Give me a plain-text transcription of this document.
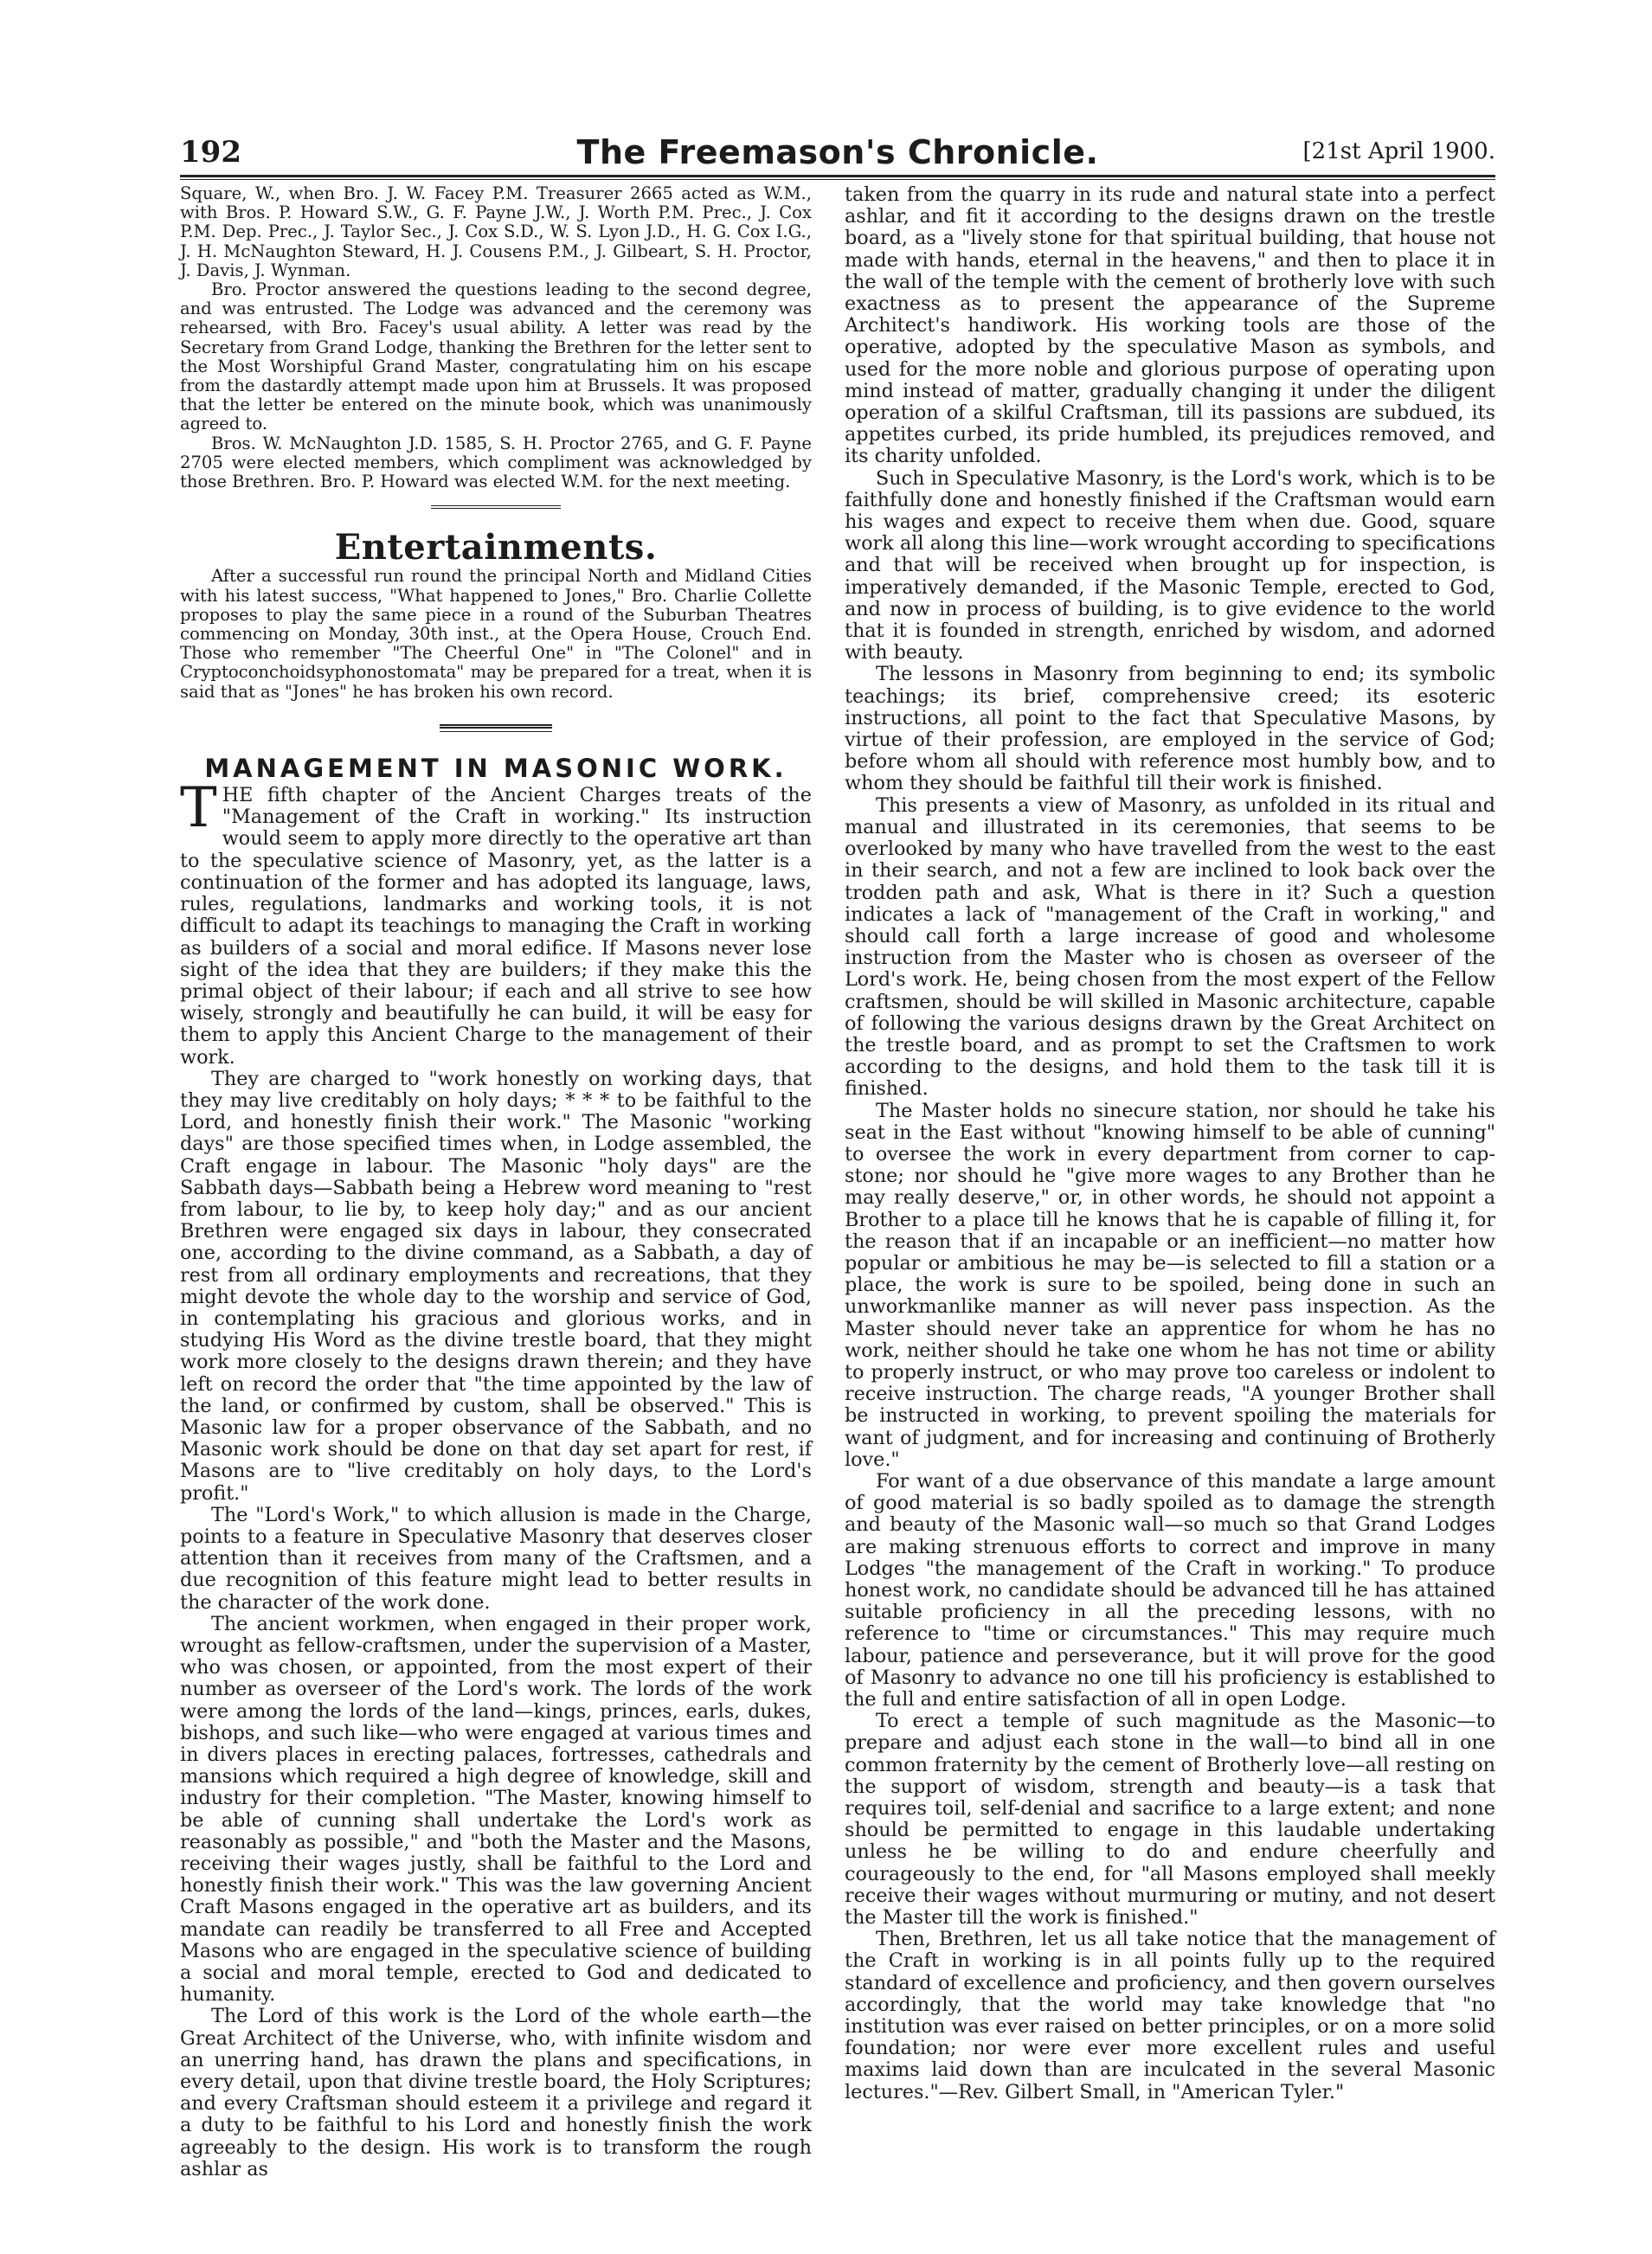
192	The Freemason's Chronicle.	[21st April 1900.

Square, W., when Bro. J. W. Facey P.M. Treasurer 2665 acted as W.M., with Bros. P. Howard S.W., G. F. Payne J.W., J. Worth P.M. Prec., J. Cox P.M. Dep. Prec., J. Taylor Sec., J. Cox S.D., W. S. Lyon J.D., H. G. Cox I.G., J. H. McNaughton Steward, H. J. Cousens P.M., J. Gilbeart, S. H. Proctor, J. Davis, J. Wynman.

Bro. Proctor answered the questions leading to the second degree, and was entrusted. The Lodge was advanced and the ceremony was rehearsed, with Bro. Facey's usual ability. A letter was read by the Secretary from Grand Lodge, thanking the Brethren for the letter sent to the Most Worshipful Grand Master, congratulating him on his escape from the dastardly attempt made upon him at Brussels. It was proposed that the letter be entered on the minute book, which was unanimously agreed to.

Bros. W. McNaughton J.D. 1585, S. H. Proctor 2765, and G. F. Payne 2705 were elected members, which compliment was acknowledged by those Brethren. Bro. P. Howard was elected W.M. for the next meeting.

Entertainments.

After a successful run round the principal North and Midland Cities with his latest success, "What happened to Jones," Bro. Charlie Collette proposes to play the same piece in a round of the Suburban Theatres commencing on Monday, 30th inst., at the Opera House, Crouch End. Those who remember "The Cheerful One" in "The Colonel" and in Cryptoconchoidsyphonostomata" may be prepared for a treat, when it is said that as "Jones" he has broken his own record.

MANAGEMENT IN MASONIC WORK.

THE fifth chapter of the Ancient Charges treats of the "Management of the Craft in working." Its instruction would seem to apply more directly to the operative art than to the speculative science of Masonry, yet, as the latter is a continuation of the former and has adopted its language, laws, rules, regulations, landmarks and working tools, it is not difficult to adapt its teachings to managing the Craft in working as builders of a social and moral edifice. If Masons never lose sight of the idea that they are builders; if they make this the primal object of their labour; if each and all strive to see how wisely, strongly and beautifully he can build, it will be easy for them to apply this Ancient Charge to the management of their work.

They are charged to "work honestly on working days, that they may live creditably on holy days; * * * to be faithful to the Lord, and honestly finish their work." The Masonic "working days" are those specified times when, in Lodge assembled, the Craft engage in labour. The Masonic "holy days" are the Sabbath days—Sabbath being a Hebrew word meaning to "rest from labour, to lie by, to keep holy day;" and as our ancient Brethren were engaged six days in labour, they consecrated one, according to the divine command, as a Sabbath, a day of rest from all ordinary employments and recreations, that they might devote the whole day to the worship and service of God, in contemplating his gracious and glorious works, and in studying His Word as the divine trestle board, that they might work more closely to the designs drawn therein; and they have left on record the order that "the time appointed by the law of the land, or confirmed by custom, shall be observed." This is Masonic law for a proper observance of the Sabbath, and no Masonic work should be done on that day set apart for rest, if Masons are to "live creditably on holy days, to the Lord's profit."

The "Lord's Work," to which allusion is made in the Charge, points to a feature in Speculative Masonry that deserves closer attention than it receives from many of the Craftsmen, and a due recognition of this feature might lead to better results in the character of the work done.

The ancient workmen, when engaged in their proper work, wrought as fellow-craftsmen, under the supervision of a Master, who was chosen, or appointed, from the most expert of their number as overseer of the Lord's work. The lords of the work were among the lords of the land—kings, princes, earls, dukes, bishops, and such like—who were engaged at various times and in divers places in erecting palaces, fortresses, cathedrals and mansions which required a high degree of knowledge, skill and industry for their completion. "The Master, knowing himself to be able of cunning shall undertake the Lord's work as reasonably as possible," and "both the Master and the Masons, receiving their wages justly, shall be faithful to the Lord and honestly finish their work." This was the law governing Ancient Craft Masons engaged in the operative art as builders, and its mandate can readily be transferred to all Free and Accepted Masons who are engaged in the speculative science of building a social and moral temple, erected to God and dedicated to humanity.

The Lord of this work is the Lord of the whole earth—the Great Architect of the Universe, who, with infinite wisdom and an unerring hand, has drawn the plans and specifications, in every detail, upon that divine trestle board, the Holy Scriptures; and every Craftsman should esteem it a privilege and regard it a duty to be faithful to his Lord and honestly finish the work agreeably to the design. His work is to transform the rough ashlar as

taken from the quarry in its rude and natural state into a perfect ashlar, and fit it according to the designs drawn on the trestle board, as a "lively stone for that spiritual building, that house not made with hands, eternal in the heavens," and then to place it in the wall of the temple with the cement of brotherly love with such exactness as to present the appearance of the Supreme Architect's handiwork. His working tools are those of the operative, adopted by the speculative Mason as symbols, and used for the more noble and glorious purpose of operating upon mind instead of matter, gradually changing it under the diligent operation of a skilful Craftsman, till its passions are subdued, its appetites curbed, its pride humbled, its prejudices removed, and its charity unfolded.

Such in Speculative Masonry, is the Lord's work, which is to be faithfully done and honestly finished if the Craftsman would earn his wages and expect to receive them when due. Good, square work all along this line—work wrought according to specifications and that will be received when brought up for inspection, is imperatively demanded, if the Masonic Temple, erected to God, and now in process of building, is to give evidence to the world that it is founded in strength, enriched by wisdom, and adorned with beauty.

The lessons in Masonry from beginning to end; its symbolic teachings; its brief, comprehensive creed; its esoteric instructions, all point to the fact that Speculative Masons, by virtue of their profession, are employed in the service of God; before whom all should with reference most humbly bow, and to whom they should be faithful till their work is finished.

This presents a view of Masonry, as unfolded in its ritual and manual and illustrated in its ceremonies, that seems to be overlooked by many who have travelled from the west to the east in their search, and not a few are inclined to look back over the trodden path and ask, What is there in it? Such a question indicates a lack of "management of the Craft in working," and should call forth a large increase of good and wholesome instruction from the Master who is chosen as overseer of the Lord's work. He, being chosen from the most expert of the Fellow craftsmen, should be will skilled in Masonic architecture, capable of following the various designs drawn by the Great Architect on the trestle board, and as prompt to set the Craftsmen to work according to the designs, and hold them to the task till it is finished.

The Master holds no sinecure station, nor should he take his seat in the East without "knowing himself to be able of cunning" to oversee the work in every department from corner to cap-stone; nor should he "give more wages to any Brother than he may really deserve," or, in other words, he should not appoint a Brother to a place till he knows that he is capable of filling it, for the reason that if an incapable or an inefficient—no matter how popular or ambitious he may be—is selected to fill a station or a place, the work is sure to be spoiled, being done in such an unworkmanlike manner as will never pass inspection. As the Master should never take an apprentice for whom he has no work, neither should he take one whom he has not time or ability to properly instruct, or who may prove too careless or indolent to receive instruction. The charge reads, "A younger Brother shall be instructed in working, to prevent spoiling the materials for want of judgment, and for increasing and continuing of Brotherly love."

For want of a due observance of this mandate a large amount of good material is so badly spoiled as to damage the strength and beauty of the Masonic wall—so much so that Grand Lodges are making strenuous efforts to correct and improve in many Lodges "the management of the Craft in working." To produce honest work, no candidate should be advanced till he has attained suitable proficiency in all the preceding lessons, with no reference to "time or circumstances." This may require much labour, patience and perseverance, but it will prove for the good of Masonry to advance no one till his proficiency is established to the full and entire satisfaction of all in open Lodge.

To erect a temple of such magnitude as the Masonic—to prepare and adjust each stone in the wall—to bind all in one common fraternity by the cement of Brotherly love—all resting on the support of wisdom, strength and beauty—is a task that requires toil, self-denial and sacrifice to a large extent; and none should be permitted to engage in this laudable undertaking unless he be willing to do and endure cheerfully and courageously to the end, for "all Masons employed shall meekly receive their wages without murmuring or mutiny, and not desert the Master till the work is finished."

Then, Brethren, let us all take notice that the management of the Craft in working is in all points fully up to the required standard of excellence and proficiency, and then govern ourselves accordingly, that the world may take knowledge that "no institution was ever raised on better principles, or on a more solid foundation; nor were ever more excellent rules and useful maxims laid down than are inculcated in the several Masonic lectures."—Rev. Gilbert Small, in "American Tyler."
